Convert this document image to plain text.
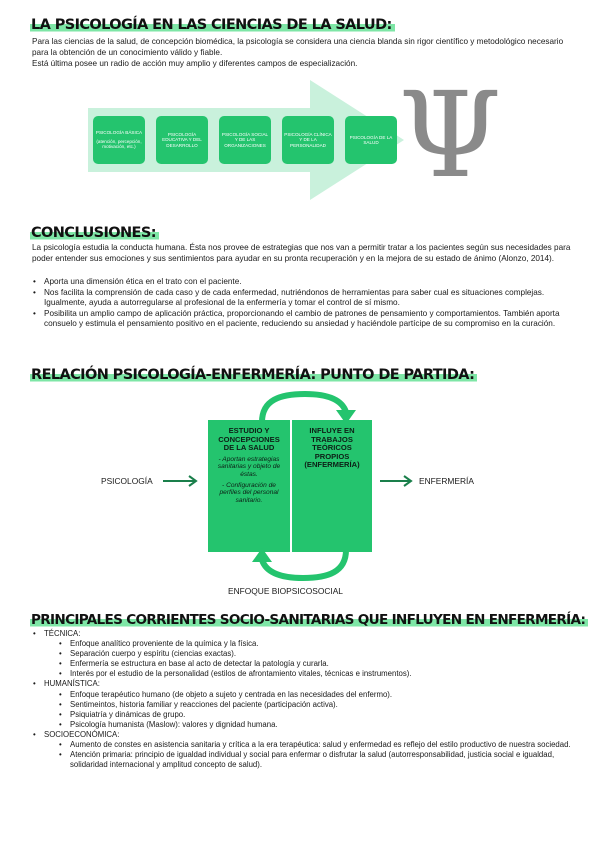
LA PSICOLOGÍA EN LAS CIENCIAS DE LA SALUD:

Para las ciencias de la salud, de concepción biomédica, la psicología se considera una ciencia blanda sin rigor científico y metodológico necesario para la obtención de un conocimiento válido y fiable.

Está última posee un radio de acción muy amplio y diferentes campos de especialización.

PSICOLOGÍA BÁSICA
(atención, percepción, motivación, etc.)
PSICOLOGÍA EDUCATIVA Y DEL DESARROLLO
PSICOLOGÍA SOCIAL Y DE LAS ORGANIZACIONES
PSICOLOGÍA CLÍNICA Y DE LA PERSONALIDAD
PSICOLOGÍA DE LA SALUD Ψ
CONCLUSIONES:

La psicología estudia la conducta humana. Ésta nos provee de estrategias que nos van a permitir tratar a los pacientes según sus necesidades para poder entender sus emociones y sus sentimientos para ayudar en su pronta recuperación y en la mejora de su estado de ánimo (Alonzo, 2014).

• Aporta una dimensión ética en el trato con el paciente.
• Nos facilita la comprensión de cada caso y de cada enfermedad, nutriéndonos de herramientas para saber cual es situaciones complejas. Igualmente, ayuda a autorregularse al profesional de la enfermería y tomar el control de sí mismo.
• Posibilita un amplio campo de aplicación práctica, proporcionando el cambio de patrones de pensamiento y comportamientos. También aporta consuelo y estimula el pensamiento positivo en el paciente, reduciendo su ansiedad y haciéndole partícipe de su compromiso en la curación.
RELACIÓN PSICOLOGÍA-ENFERMERÍA: PUNTO DE PARTIDA:
ESTUDIO Y CONCEPCIONES DE LA SALUD
- Aportan estrategias sanitarias y objeto de éstas.
- Configuración de perfiles del personal sanitario.
INFLUYE EN TRABAJOS TEÓRICOS PROPIOS (ENFERMERÍA)
PSICOLOGÍA	ENFERMERÍA
ENFOQUE BIOPSICOSOCIAL
PRINCIPALES CORRIENTES SOCIO-SANITARIAS QUE INFLUYEN EN ENFERMERÍA:
• TÉCNICA:
• Enfoque analítico proveniente de la química y la física.
• Separación cuerpo y espíritu (ciencias exactas).
• Enfermería se estructura en base al acto de detectar la patología y curarla.
• Interés por el estudio de la personalidad (estilos de afrontamiento vitales, técnicas e instrumentos).
• HUMANÍSTICA:
• Enfoque terapéutico humano (de objeto a sujeto y centrada en las necesidades del enfermo).
• Sentimeintos, historia familiar y reacciones del paciente (participación activa).
• Psiquiatría y dinámicas de grupo.
• Psicología humanista (Maslow): valores y dignidad humana.
• SOCIOECONÓMICA:
• Aumento de constes en asistencia sanitaria y crítica a la era terapéutica: salud y enfermedad es reflejo del estilo productivo de nuestra sociedad.
• Atención primaria: principio de igualdad individual y social para enfermar o disfrutar la salud (autorresponsabilidad, justicia social e igualdad, solidaridad internacional y amplitud concepto de salud).
